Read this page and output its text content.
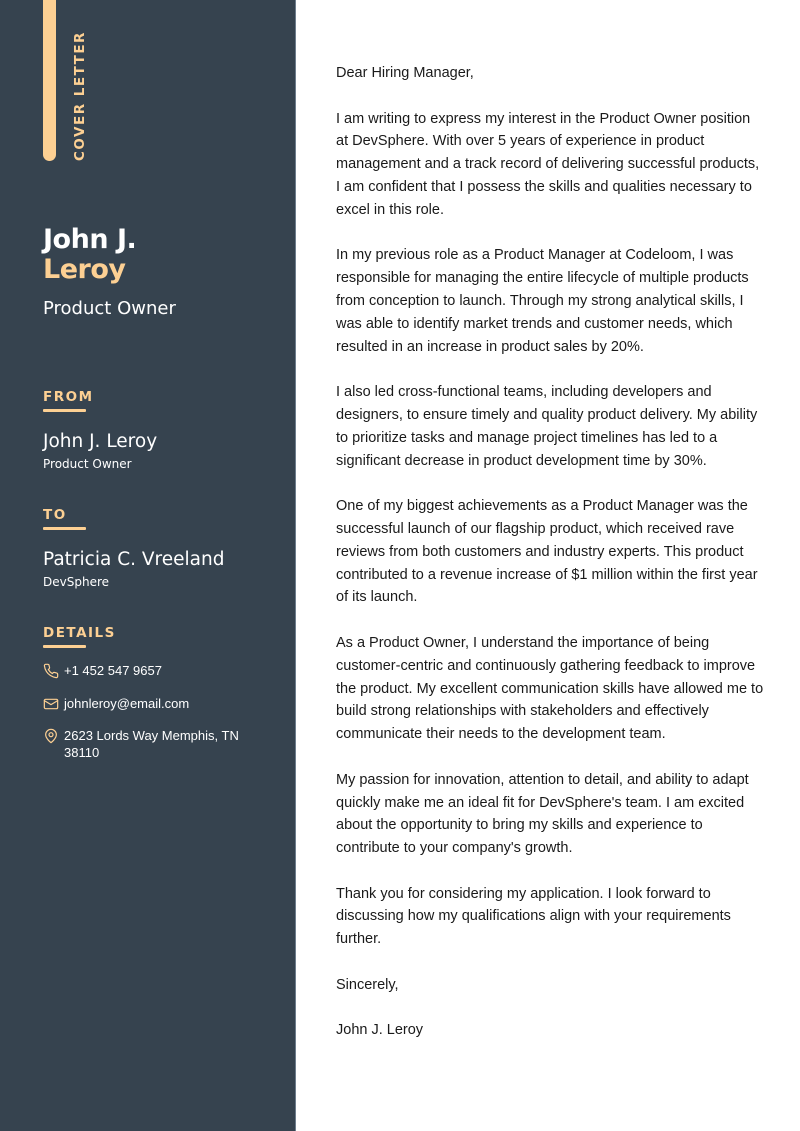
COVER LETTER
John J.
Leroy
Product Owner
FROM
John J. Leroy
Product Owner
TO
Patricia C. Vreeland
DevSphere
DETAILS
+1 452 547 9657
johnleroy@email.com
2623 Lords Way Memphis, TN 38110

Dear Hiring Manager,

I am writing to express my interest in the Product Owner position at DevSphere. With over 5 years of experience in product management and a track record of delivering successful products, I am confident that I possess the skills and qualities necessary to excel in this role.

In my previous role as a Product Manager at Codeloom, I was responsible for managing the entire lifecycle of multiple products from conception to launch. Through my strong analytical skills, I was able to identify market trends and customer needs, which resulted in an increase in product sales by 20%.

I also led cross-functional teams, including developers and designers, to ensure timely and quality product delivery. My ability to prioritize tasks and manage project timelines has led to a significant decrease in product development time by 30%.

One of my biggest achievements as a Product Manager was the successful launch of our flagship product, which received rave reviews from both customers and industry experts. This product contributed to a revenue increase of $1 million within the first year of its launch.

As a Product Owner, I understand the importance of being customer-centric and continuously gathering feedback to improve the product. My excellent communication skills have allowed me to build strong relationships with stakeholders and effectively communicate their needs to the development team.

My passion for innovation, attention to detail, and ability to adapt quickly make me an ideal fit for DevSphere's team. I am excited about the opportunity to bring my skills and experience to contribute to your company's growth.

Thank you for considering my application. I look forward to discussing how my qualifications align with your requirements further.

Sincerely,

John J. Leroy
